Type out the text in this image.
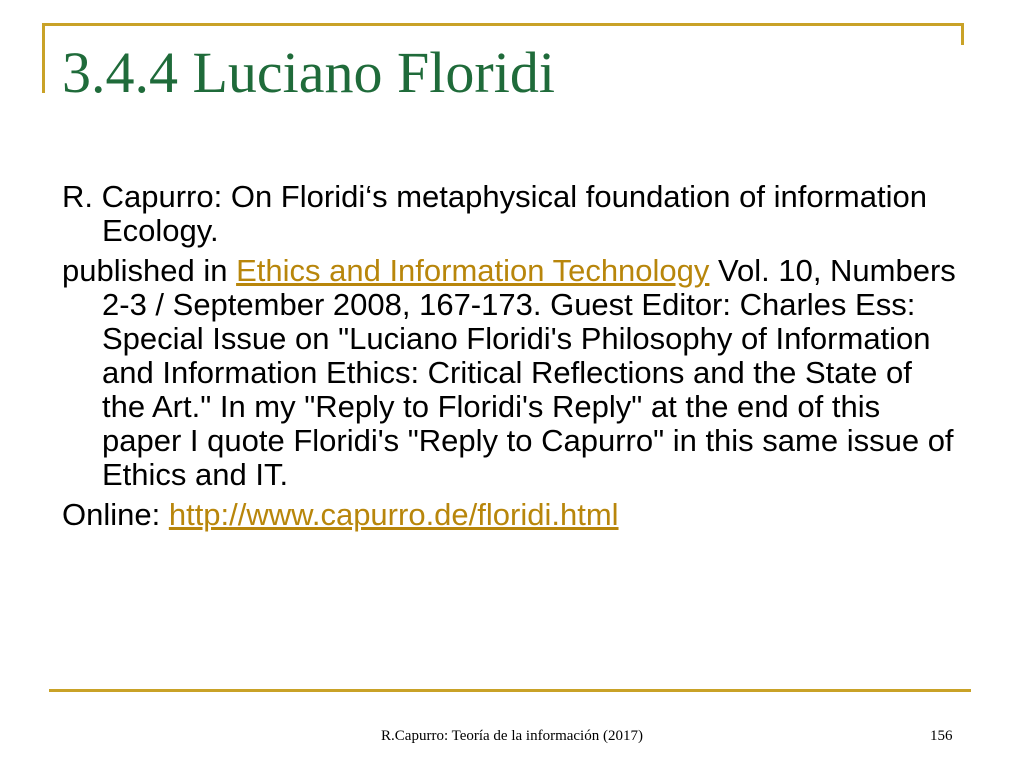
3.4.4 Luciano Floridi

R. Capurro: On Floridi‘s metaphysical foundation of information Ecology.

published in Ethics and Information Technology Vol. 10, Numbers 2-3 / September 2008, 167-173. Guest Editor: Charles Ess: Special Issue on "Luciano Floridi's Philosophy of Information and Information Ethics: Critical Reflections and the State of the Art." In my "Reply to Floridi's Reply" at the end of this paper I quote Floridi's "Reply to Capurro" in this same issue of Ethics and IT.

Online: http://www.capurro.de/floridi.html

R.Capurro: Teoría de la información (2017)	156
